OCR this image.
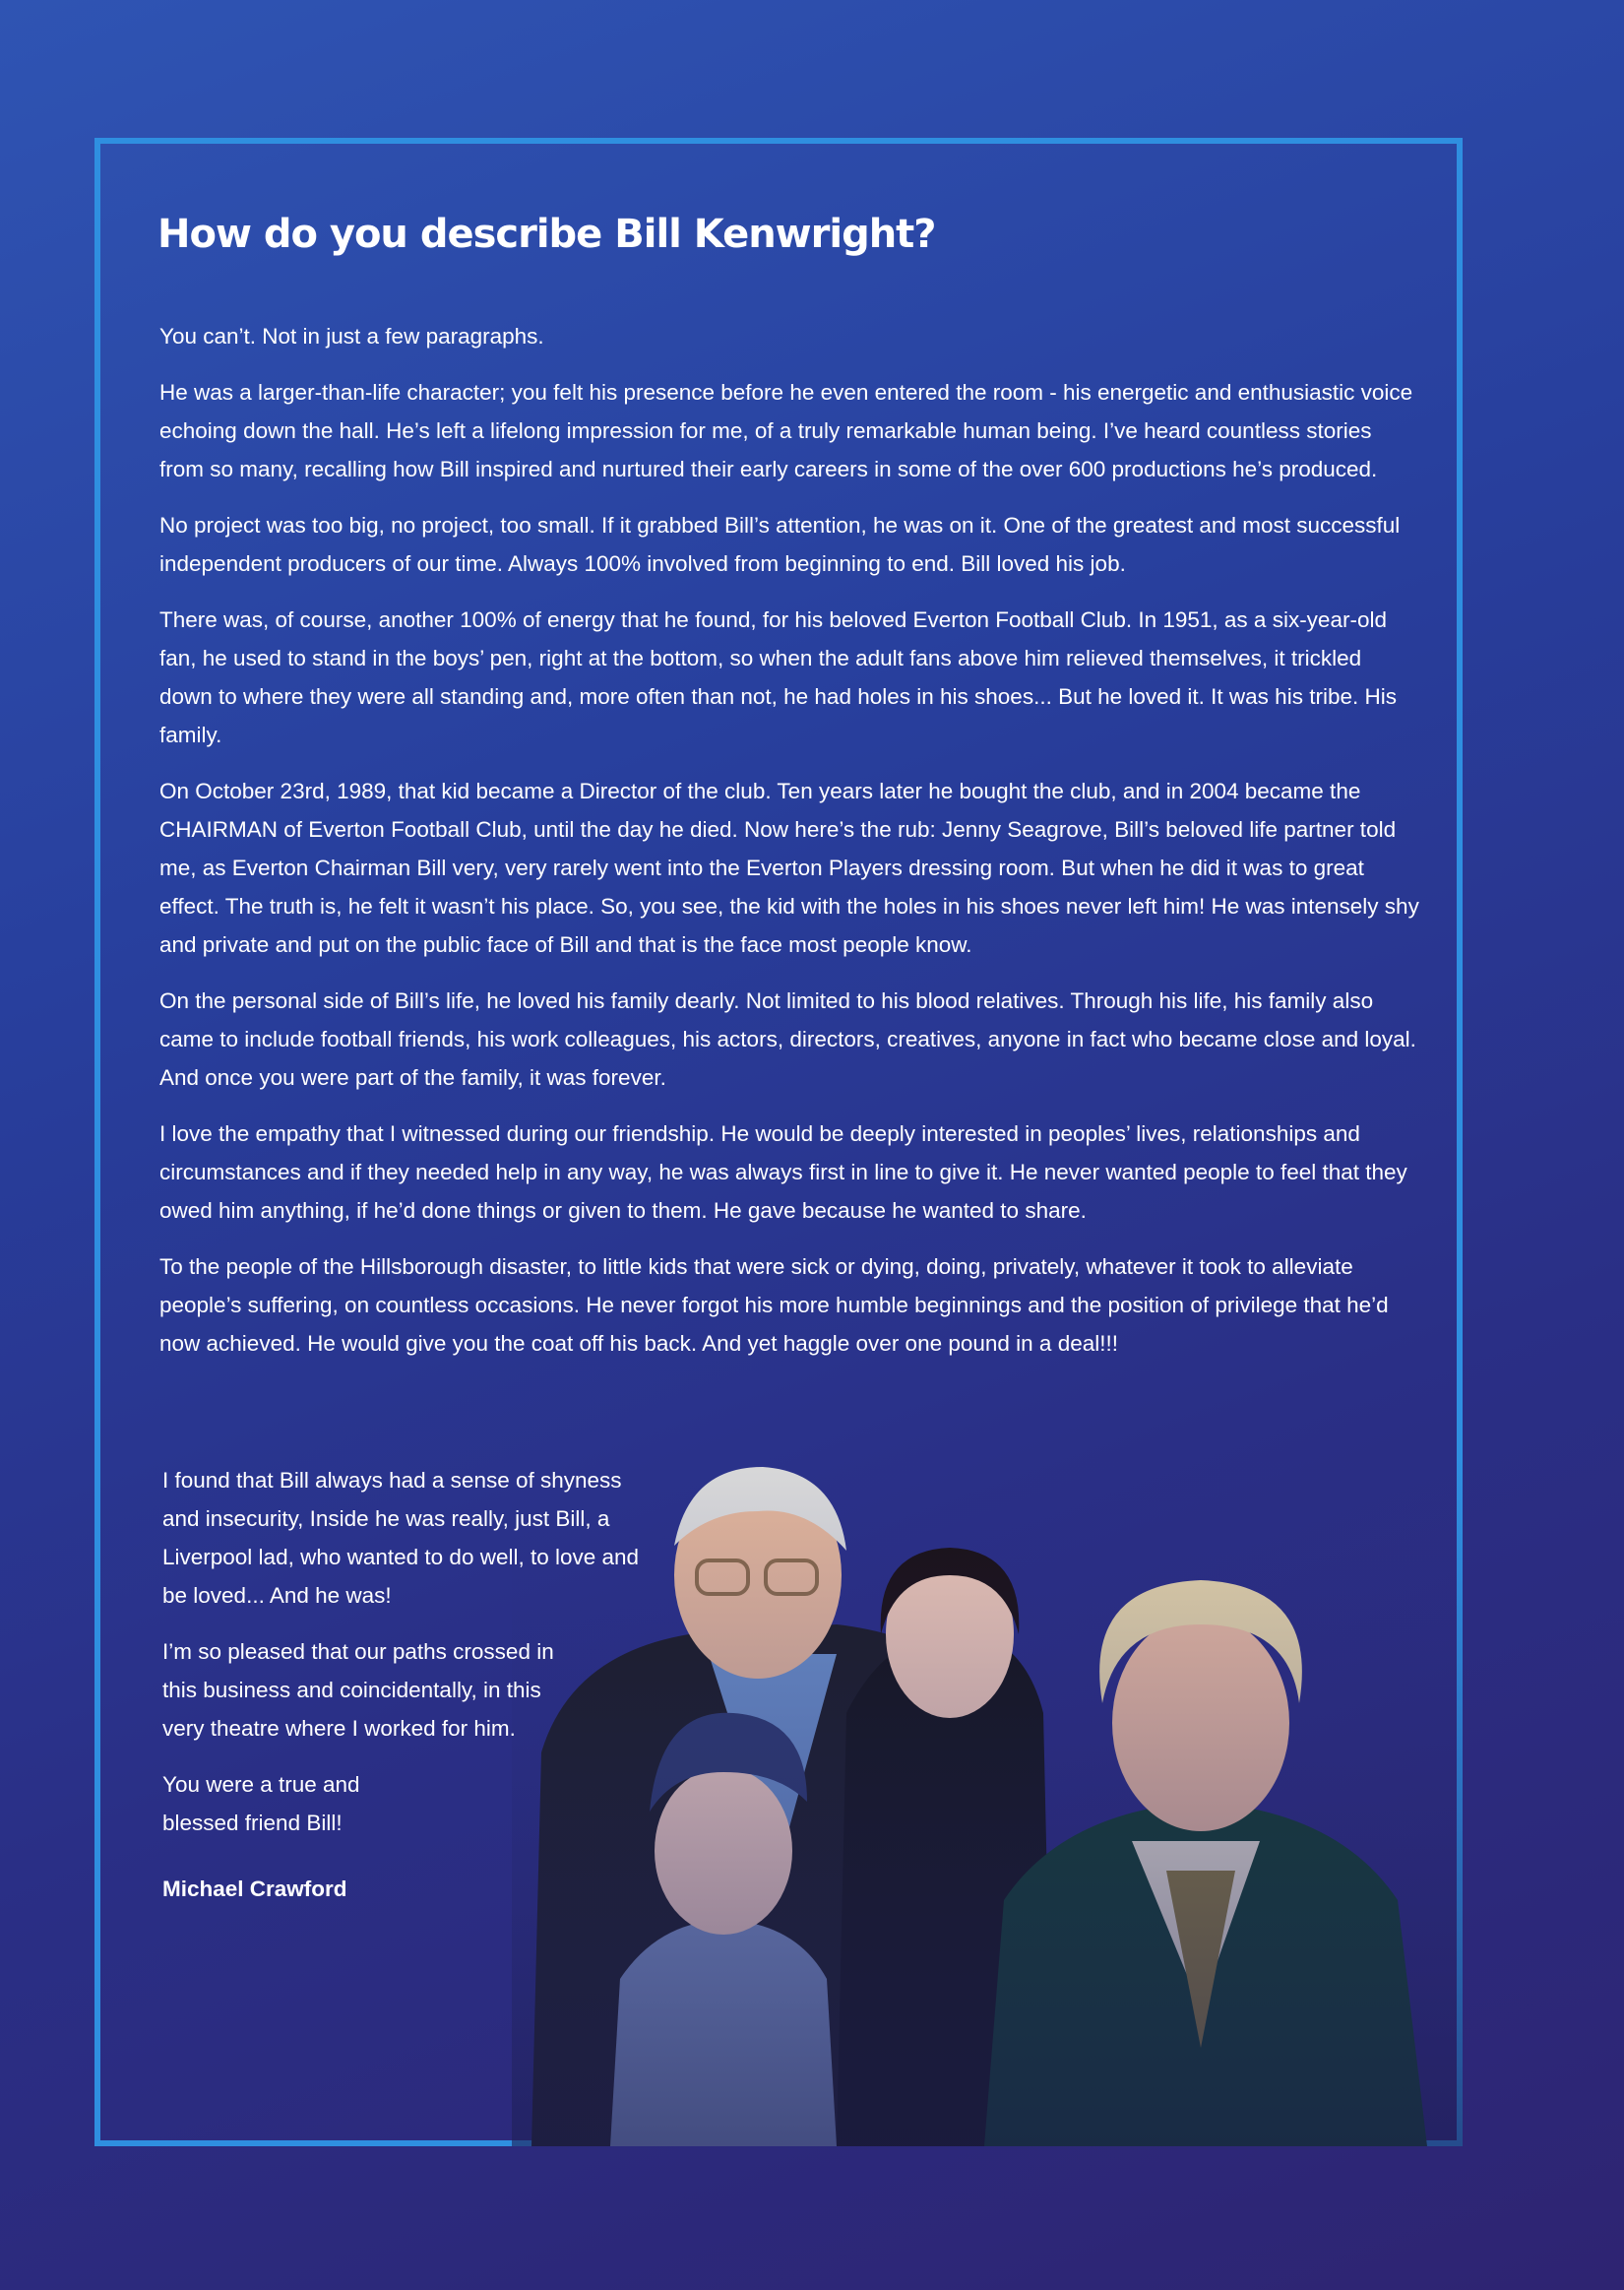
How do you describe Bill Kenwright?

You can’t. Not in just a few paragraphs.

He was a larger-than-life character; you felt his presence before he even entered the room - his energetic and enthusiastic voice echoing down the hall. He’s left a lifelong impression for me, of a truly remarkable human being. I’ve heard countless stories from so many, recalling how Bill inspired and nurtured their early careers in some of the over 600 productions he’s produced.

No project was too big, no project, too small. If it grabbed Bill’s attention, he was on it. One of the greatest and most successful independent producers of our time. Always 100% involved from beginning to end. Bill loved his job.

There was, of course, another 100% of energy that he found, for his beloved Everton Football Club. In 1951, as a six-year-old fan, he used to stand in the boys’ pen, right at the bottom, so when the adult fans above him relieved themselves, it trickled down to where they were all standing and, more often than not, he had holes in his shoes... But he loved it. It was his tribe. His family.

On October 23rd, 1989, that kid became a Director of the club. Ten years later he bought the club, and in 2004 became the CHAIRMAN of Everton Football Club, until the day he died. Now here’s the rub: Jenny Seagrove, Bill’s beloved life partner told me, as Everton Chairman Bill very, very rarely went into the Everton Players dressing room. But when he did it was to great effect. The truth is, he felt it wasn’t his place. So, you see, the kid with the holes in his shoes never left him! He was intensely shy and private and put on the public face of Bill and that is the face most people know.

On the personal side of Bill’s life, he loved his family dearly. Not limited to his blood relatives. Through his life, his family also came to include football friends, his work colleagues, his actors, directors, creatives, anyone in fact who became close and loyal. And once you were part of the family, it was forever.

I love the empathy that I witnessed during our friendship. He would be deeply interested in peoples’ lives, relationships and circumstances and if they needed help in any way, he was always first in line to give it. He never wanted people to feel that they owed him anything, if he’d done things or given to them. He gave because he wanted to share.

To the people of the Hillsborough disaster, to little kids that were sick or dying, doing, privately, whatever it took to alleviate people’s suffering, on countless occasions. He never forgot his more humble beginnings and the position of privilege that he’d now achieved. He would give you the coat off his back. And yet haggle over one pound in a deal!!!

I found that Bill always had a sense of shyness and insecurity, Inside he was really, just Bill, a Liverpool lad, who wanted to do well, to love and be loved... And he was!

I’m so pleased that our paths crossed in this business and coincidentally, in this very theatre where I worked for him.

You were a true and blessed friend Bill!

Michael Crawford
